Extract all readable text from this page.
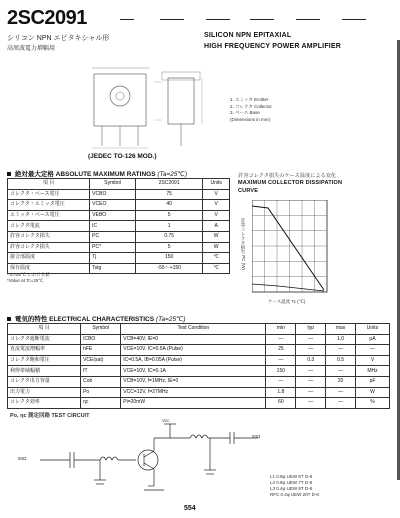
2SC2091
シリコン NPN エピタキシャル形
高周波電力増幅用
SILICON NPN EPITAXIAL
HIGH FREQUENCY POWER AMPLIFIER
1. エミッタ Emitter
2. コレクタ Collector
3. ベース Base
(Dimensions in mm)
(JEDEC TO-126 MOD.)
絶対最大定格 ABSOLUTE MAXIMUM RATINGS (Ta=25℃)
項 目	Symbol	2SC2091	Units
コレクタ・ベース電圧	VCBO	75	V
コレクタ・エミッタ電圧	VCEO	40	V
エミッタ・ベース電圧	VEBO	5	V
コレクタ電流	IC	1	A
許容コレクタ損失	PC	0.75	W
許容コレクタ損失	PC*	5	W
接合部温度	Tj	150	℃
保存温度	Tstg	-55～+150	℃
*Tc=25℃ における値
*Value at Tc=25℃
許容コレクタ損失のケース温度による変化
MAXIMUM COLLECTOR DISSIPATION
CURVE
許容コレクタ損失 PC (W)
ケース温度 Tc (℃)
電気的特性 ELECTRICAL CHARACTERISTICS (Ta=25℃)
項 目	Symbol	Test Condition	min	typ	max	Units
コレクタ遮断電流	ICBO	VCB=40V, IE=0	—	—	1.0	μA
直流電流増幅率	hFE	VCE=10V, IC=0.5A (Pulse)	25	—	—	—
コレクタ飽和電圧	VCE(sat)	IC=0.5A, IB=0.05A (Pulse)	—	0.3	0.5	V
利得帯域幅積	fT	VCE=10V, IC=0.1A	150	—	—	MHz
コレクタ出力容量	Cob	VCB=10V, f=1MHz, IE=0	—	—	20	pF
出力電力	Po	VCC=12V, f=27MHz	1.8	—	—	W
コレクタ効率	ηc	Pi=20mW	60	—	—	%
Po, ηc 測定回路 TEST CIRCUIT
50Ω
50Ω
Vcc
L1 0.8φ UEW 5T D-8
L2 0.8φ UEW 7T D-8
L3 0.4φ UEW 8T D-8
RFC 0.4φ UEW 20T D-6
554
